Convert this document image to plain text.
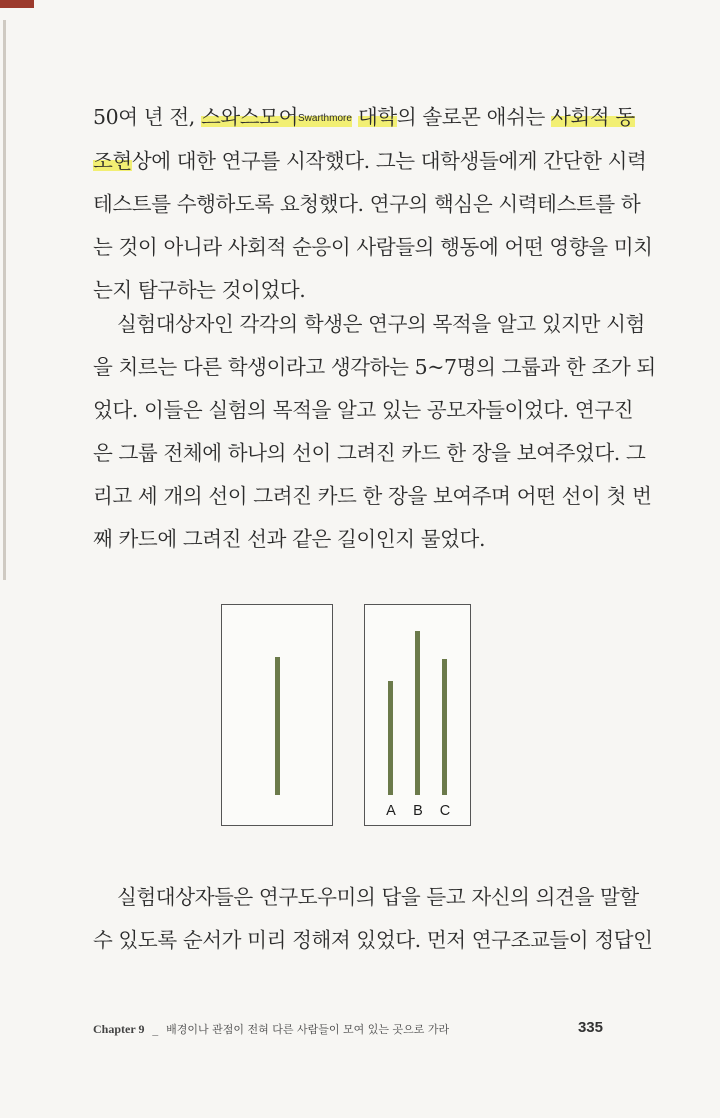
50여 년 전, 스와스모어Swarthmore 대학의 솔로몬 애쉬는 사회적 동
조현상에 대한 연구를 시작했다. 그는 대학생들에게 간단한 시력
테스트를 수행하도록 요청했다. 연구의 핵심은 시력테스트를 하
는 것이 아니라 사회적 순응이 사람들의 행동에 어떤 영향을 미치
는지 탐구하는 것이었다.
실험대상자인 각각의 학생은 연구의 목적을 알고 있지만 시험
을 치르는 다른 학생이라고 생각하는 5~7명의 그룹과 한 조가 되
었다. 이들은 실험의 목적을 알고 있는 공모자들이었다. 연구진
은 그룹 전체에 하나의 선이 그려진 카드 한 장을 보여주었다. 그
리고 세 개의 선이 그려진 카드 한 장을 보여주며 어떤 선이 첫 번
째 카드에 그려진 선과 같은 길이인지 물었다.
A B C
실험대상자들은 연구도우미의 답을 듣고 자신의 의견을 말할
수 있도록 순서가 미리 정해져 있었다. 먼저 연구조교들이 정답인
Chapter 9 _ 배경이나 관점이 전혀 다른 사람들이 모여 있는 곳으로 가라	335
